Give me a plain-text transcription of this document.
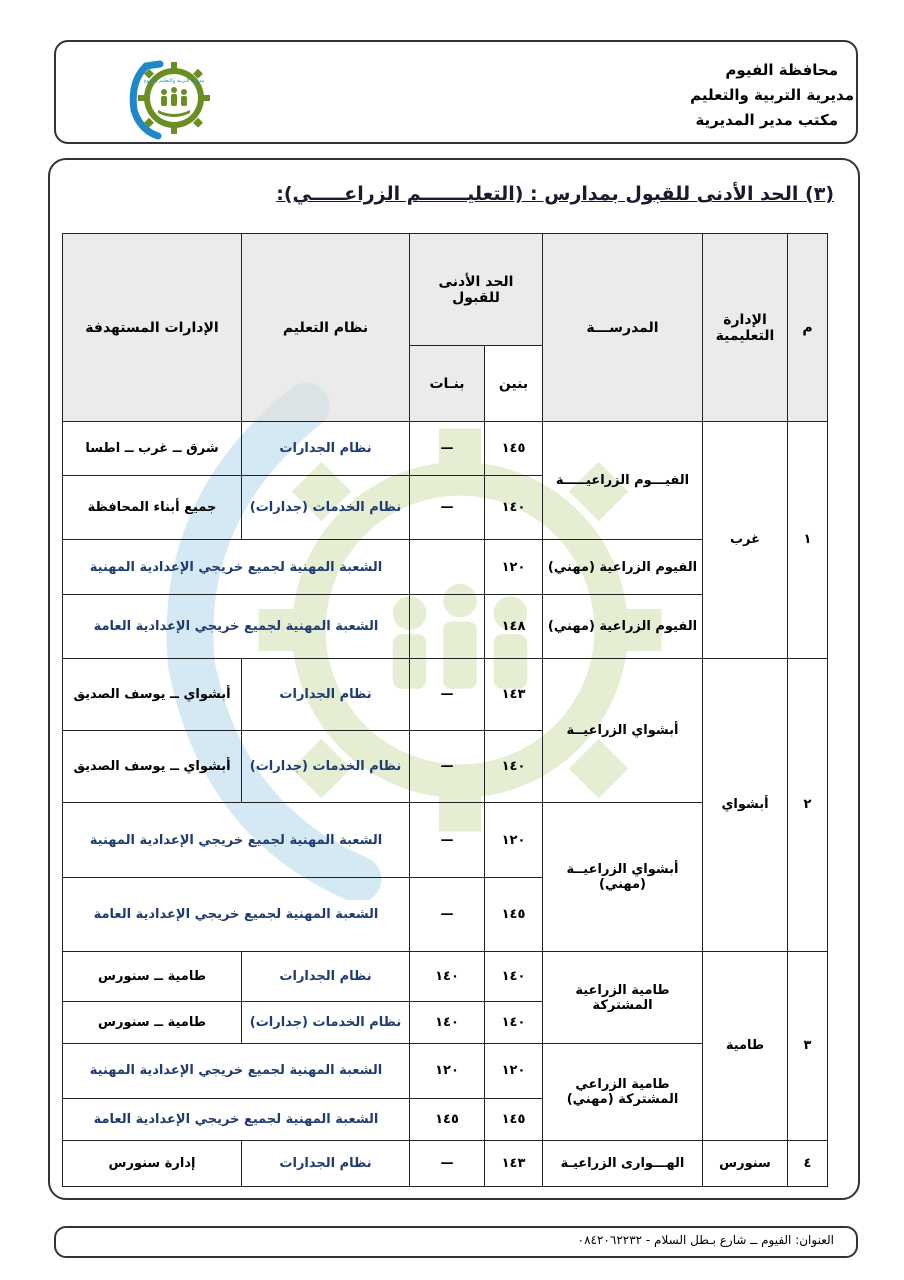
محافظة الفيوم
مديرية التربية والتعليم
مكتب مدير المديرية
مديرية التربية والتعليم بالفيوم
(٣) الحد الأدنى للقبول بمدارس : (التعليـــــــم الزراعـــــي):
م	الإدارة التعليمية	المدرســـة	الحد الأدنى للقبول		نظام التعليم	الإدارات المستهدفة
			بنين	بنـات		
١	غرب	الفيـــوم الزراعيـــــة	١٤٥	—	نظام الجدارات	شرق ــ غرب ــ اطسا
			١٤٠	—	نظام الخدمات (جدارات)	جميع أبناء المحافظة
		الفيوم الزراعية (مهني)	١٢٠		الشعبة المهنية لجميع خريجي الإعدادية المهنية	
		الفيوم الزراعية (مهني)	١٤٨		الشعبة المهنية لجميع خريجي الإعدادية العامة	
٢	أبشواي	أبشواي الزراعيــة	١٤٣	—	نظام الجدارات	أبشواي ــ يوسف الصديق
			١٤٠	—	نظام الخدمات (جدارات)	أبشواي ــ يوسف الصديق
		أبشواي الزراعيــة (مهني)	١٢٠	—	الشعبة المهنية لجميع خريجي الإعدادية المهنية	
			١٤٥	—	الشعبة المهنية لجميع خريجي الإعدادية العامة	
٣	طامية	طامية الزراعية المشتركة	١٤٠	١٤٠	نظام الجدارات	طامية ــ سنورس
			١٤٠	١٤٠	نظام الخدمات (جدارات)	طامية ــ سنورس
		طامية الزراعي المشتركة (مهني)	١٢٠	١٢٠	الشعبة المهنية لجميع خريجي الإعدادية المهنية	
			١٤٥	١٤٥	الشعبة المهنية لجميع خريجي الإعدادية العامة	
٤	سنورس	الهـــوارى الزراعيـة	١٤٣	—	نظام الجدارات	إدارة سنورس
العنوان: الفيوم ــ شارع بـطل السلام - ٠٨٤٢٠٦٢٢٣٢
